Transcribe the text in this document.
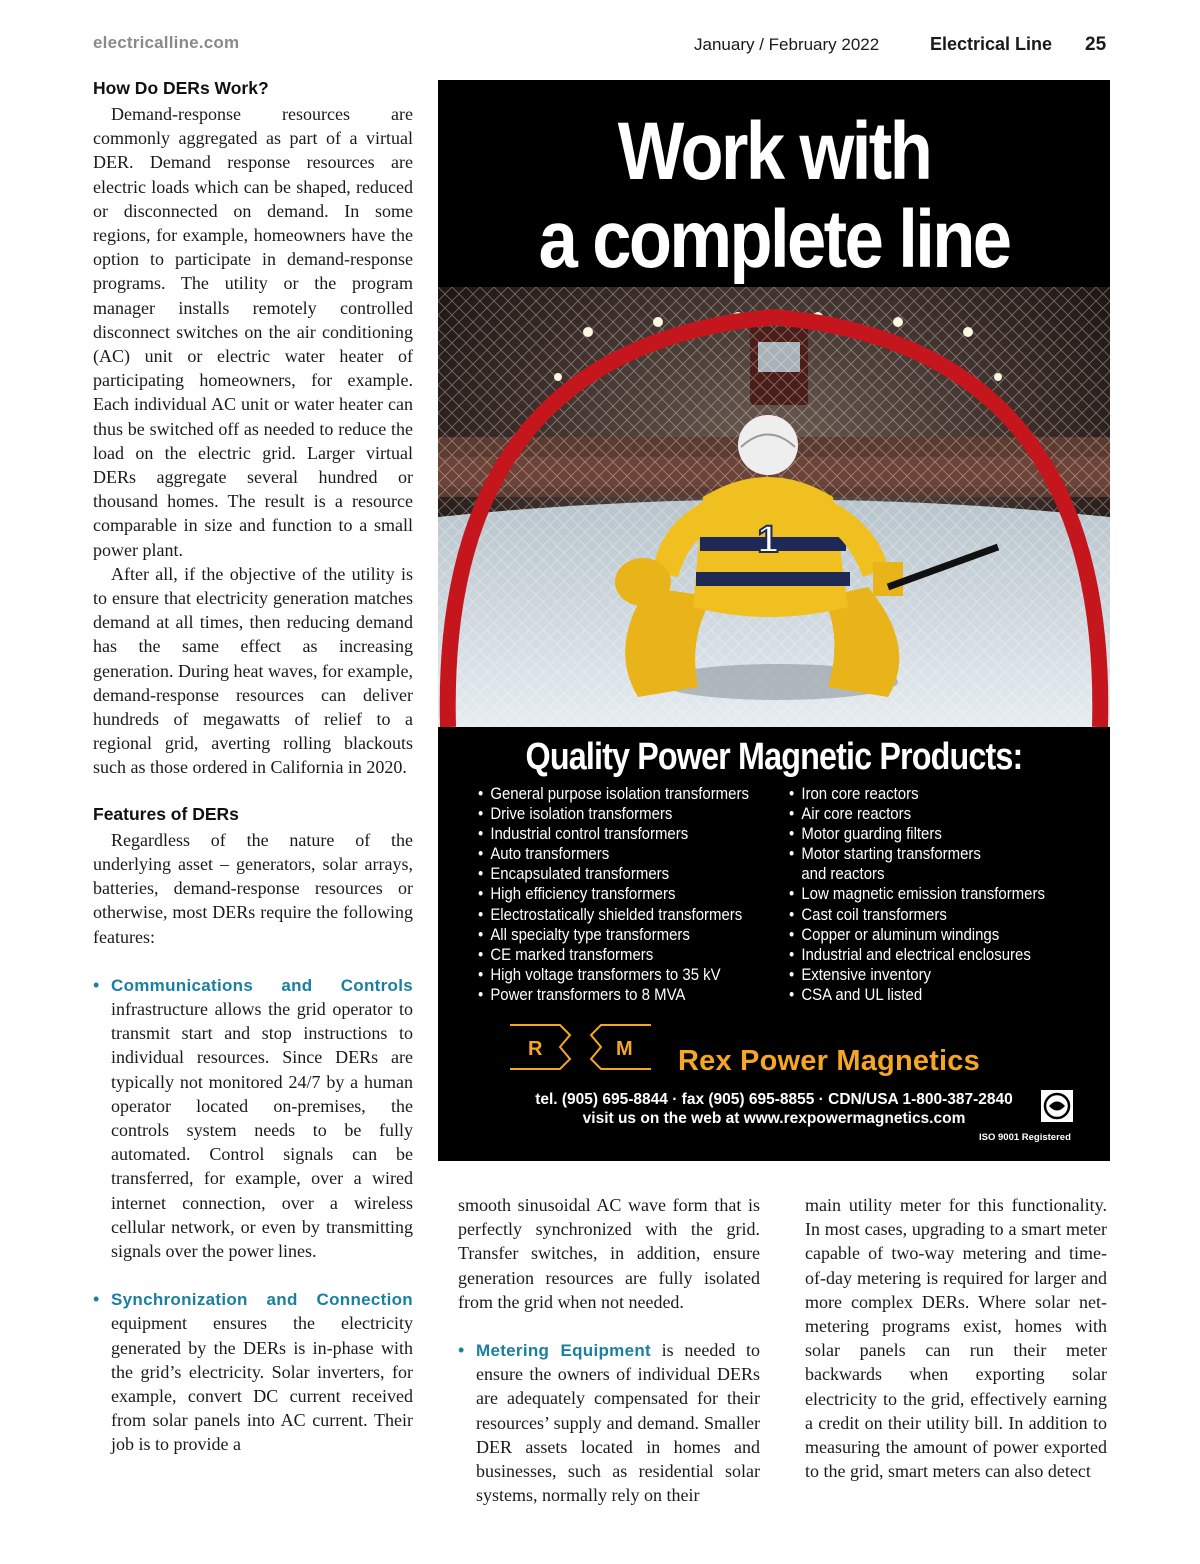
electricalline.com	January / February 2022	Electrical Line 25
How Do DERs Work?

Demand-response resources are commonly aggregated as part of a virtual DER. Demand response resources are electric loads which can be shaped, reduced or disconnected on demand. In some regions, for example, homeowners have the option to participate in demand-response programs. The utility or the program manager installs remotely controlled disconnect switches on the air conditioning (AC) unit or electric water heater of participating homeowners, for example. Each individual AC unit or water heater can thus be switched off as needed to reduce the load on the electric grid. Larger virtual DERs aggregate several hundred or thousand homes. The result is a resource comparable in size and function to a small power plant.

After all, if the objective of the utility is to ensure that electricity generation matches demand at all times, then reducing demand has the same effect as increasing generation. During heat waves, for example, demand-response resources can deliver hundreds of megawatts of relief to a regional grid, averting rolling blackouts such as those ordered in California in 2020.

Features of DERs

Regardless of the nature of the underlying asset – generators, solar arrays, batteries, demand-response resources or otherwise, most DERs require the following features:

• Communications and Controls infrastructure allows the grid operator to transmit start and stop instructions to individual resources. Since DERs are typically not monitored 24/7 by a human operator located on-premises, the controls system needs to be fully automated. Control signals can be transferred, for example, over a wired internet connection, over a wireless cellular network, or even by transmitting signals over the power lines.
• Synchronization and Connection equipment ensures the electricity generated by the DERs is in-phase with the grid’s electricity. Solar inverters, for example, convert DC current received from solar panels into AC current. Their job is to provide a
Work with
a complete line
1
Quality Power Magnetic Products:
• General purpose isolation transformers
• Drive isolation transformers
• Industrial control transformers
• Auto transformers
• Encapsulated transformers
• High efficiency transformers
• Electrostatically shielded transformers
• All specialty type transformers
• CE marked transformers
• High voltage transformers to 35 kV
• Power transformers to 8 MVA
• Iron core reactors
• Air core reactors
• Motor guarding filters
• Motor starting transformers
and reactors
• Low magnetic emission transformers
• Cast coil transformers
• Copper or aluminum windings
• Industrial and electrical enclosures
• Extensive inventory
• CSA and UL listed
R	M Rex Power Magnetics
tel. (905) 695-8844 · fax (905) 695-8855 · CDN/USA 1-800-387-2840
visit us on the web at www.rexpowermagnetics.com
ISO 9001 Registered

smooth sinusoidal AC wave form that is perfectly synchronized with the grid. Transfer switches, in addition, ensure generation resources are fully isolated from the grid when not needed.

• Metering Equipment is needed to ensure the owners of individual DERs are adequately compensated for their resources’ supply and demand. Smaller DER assets located in homes and businesses, such as residential solar systems, normally rely on their

main utility meter for this functionality. In most cases, upgrading to a smart meter capable of two-way metering and time-of-day metering is required for larger and more complex DERs. Where solar net-metering programs exist, homes with solar panels can run their meter backwards when exporting solar electricity to the grid, effectively earning a credit on their utility bill. In addition to measuring the amount of power exported to the grid, smart meters can also detect
